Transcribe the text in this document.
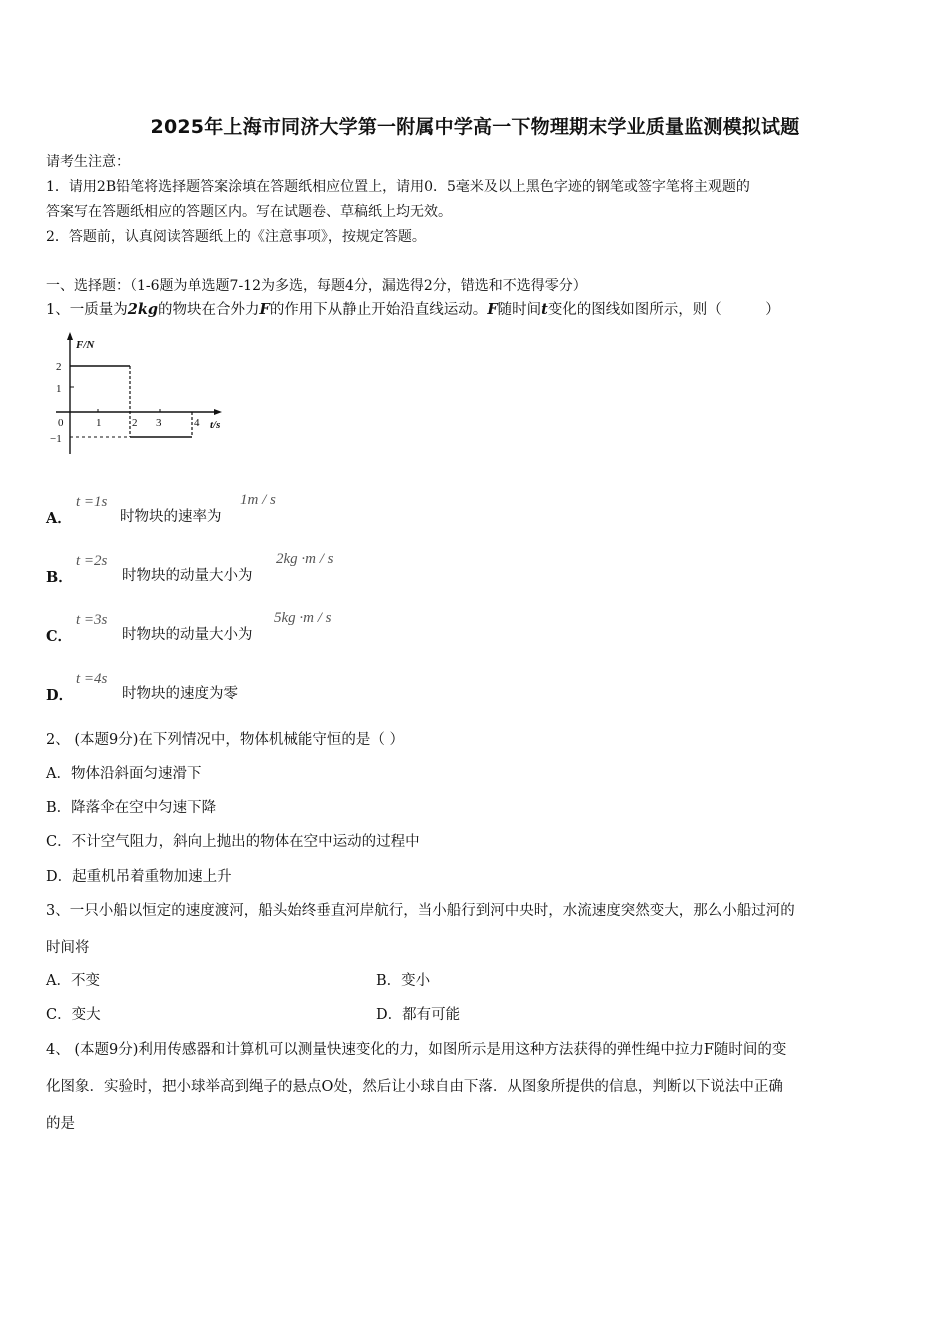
2025年上海市同济大学第一附属中学高一下物理期末学业质量监测模拟试题
请考生注意：
1．请用2B铅笔将选择题答案涂填在答题纸相应位置上，请用0．5毫米及以上黑色字迹的钢笔或签字笔将主观题的
答案写在答题纸相应的答题区内。写在试题卷、草稿纸上均无效。
2．答题前，认真阅读答题纸上的《注意事项》，按规定答题。
一、选择题：（1-6题为单选题7-12为多选，每题4分，漏选得2分，错选和不选得零分）
1、一质量为2kg的物块在合外力F的作用下从静止开始沿直线运动。F随时间t变化的图线如图所示，则（　　　）
F/N
t/s
2
1
0
−1
1	2 3	4
A．
t =1s
时物块的速率为
1m / s
B．
t =2s
时物块的动量大小为
2kg ·m / s
C．
t =3s
时物块的动量大小为
5kg ·m / s
D．
t =4s
时物块的速度为零
2、 (本题9分)在下列情况中，物体机械能守恒的是（ ）
A．物体沿斜面匀速滑下
B．降落伞在空中匀速下降
C．不计空气阻力，斜向上抛出的物体在空中运动的过程中
D．起重机吊着重物加速上升
3、一只小船以恒定的速度渡河，船头始终垂直河岸航行，当小船行到河中央时，水流速度突然变大，那么小船过河的
时间将
A．不变	B．变小
C．变大	D．都有可能
4、 (本题9分)利用传感器和计算机可以测量快速变化的力，如图所示是用这种方法获得的弹性绳中拉力F随时间的变
化图象．实验时，把小球举高到绳子的悬点O处，然后让小球自由下落．从图象所提供的信息，判断以下说法中正确
的是
